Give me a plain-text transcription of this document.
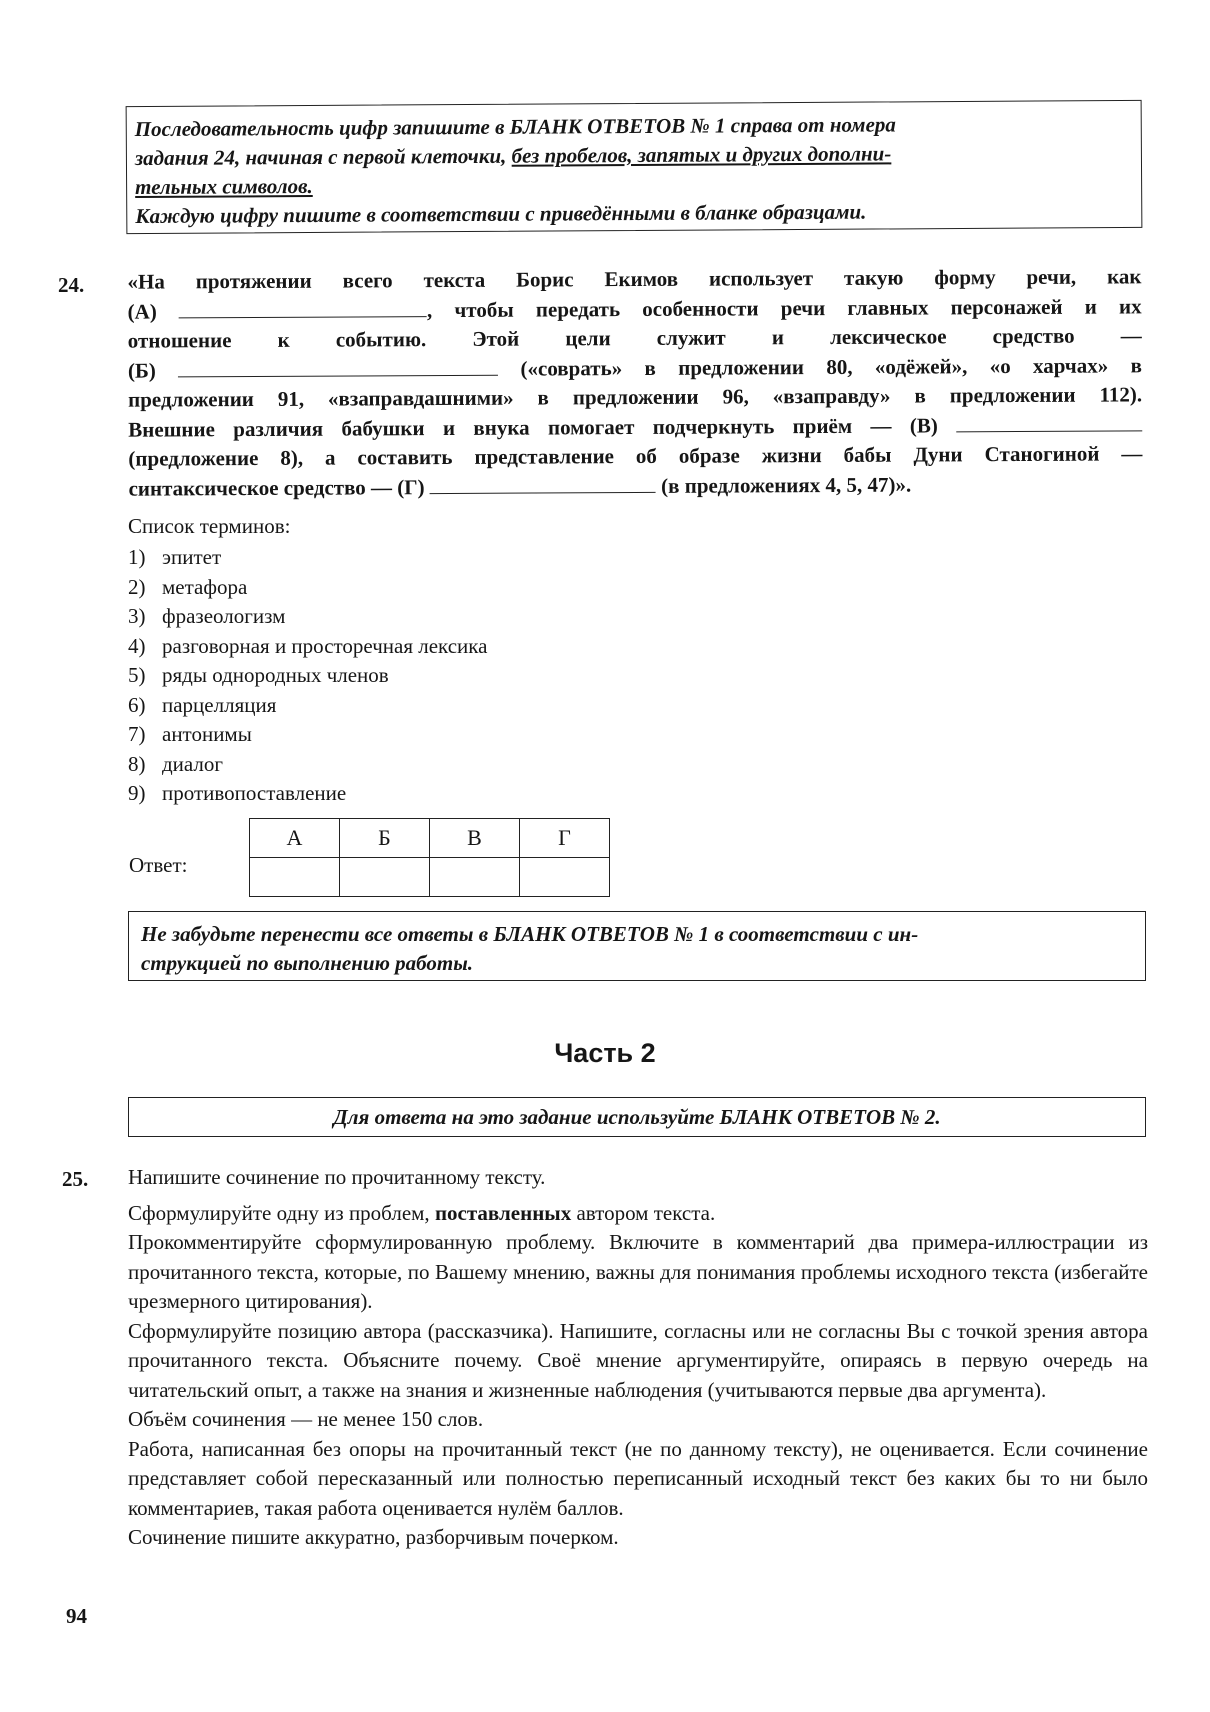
Последовательность цифр запишите в БЛАНК ОТВЕТОВ № 1 справа от номера
задания 24, начиная с первой клеточки, без пробелов, запятых и других дополни-
тельных символов.
Каждую цифру пишите в соответствии с приведёнными в бланке образцами.
24. «На протяжении всего текста Борис Екимов использует такую форму речи, как
(А)	, чтобы передать особенности речи главных персонажей и их
отношение к событию. Этой цели служит и лексическое средство —
(Б)	(«соврать» в предложении 80, «одёжей», «о харчах» в
предложении 91, «взаправдашними» в предложении 96, «взаправду» в предложении 112).
Внешние различия бабушки и внука помогает подчеркнуть приём — (В)
(предложение 8), а составить представление об образе жизни бабы Дуни Станогиной —
синтаксическое средство — (Г)	(в предложениях 4, 5, 47)».
Список терминов:
1) эпитет
2) метафора
3) фразеологизм
4) разговорная и просторечная лексика
5) ряды однородных членов
6) парцелляция
7) антонимы
8) диалог
9) противопоставление
Ответ:
А	Б	В	Г

Не забудьте перенести все ответы в БЛАНК ОТВЕТОВ № 1 в соответствии с ин-
струкцией по выполнению работы.
Часть 2
Для ответа на это задание используйте БЛАНК ОТВЕТОВ № 2.
25. Напишите сочинение по прочитанному тексту.
Сформулируйте одну из проблем, поставленных автором текста.
Прокомментируйте сформулированную проблему. Включите в комментарий два примера-иллюстрации из прочитанного текста, которые, по Вашему мнению, важны для понимания проблемы исходного текста (избегайте чрезмерного цитирования).
Сформулируйте позицию автора (рассказчика). Напишите, согласны или не согласны Вы с точкой зрения автора прочитанного текста. Объясните почему. Своё мнение аргументируйте, опираясь в первую очередь на читательский опыт, а также на знания и жизненные наблюдения (учитываются первые два аргумента).
Объём сочинения — не менее 150 слов.
Работа, написанная без опоры на прочитанный текст (не по данному тексту), не оценивается. Если сочинение представляет собой пересказанный или полностью переписанный исходный текст без каких бы то ни было комментариев, такая работа оценивается нулём баллов.
Сочинение пишите аккуратно, разборчивым почерком.
94
